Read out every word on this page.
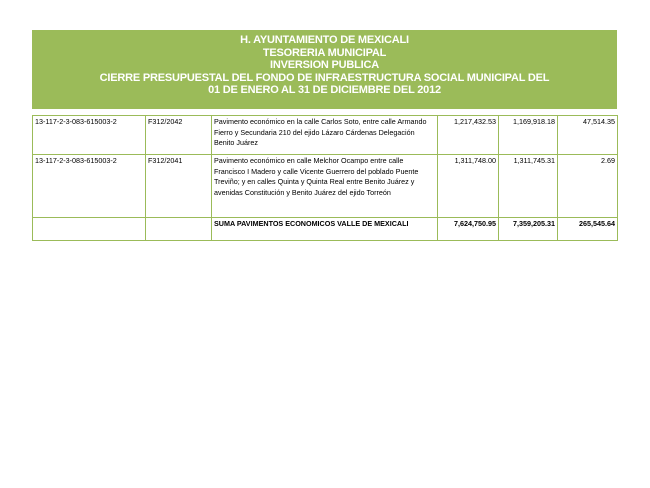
H. AYUNTAMIENTO DE MEXICALI
TESORERIA MUNICIPAL
INVERSION PUBLICA
CIERRE PRESUPUESTAL DEL FONDO DE INFRAESTRUCTURA SOCIAL MUNICIPAL DEL
01 DE ENERO AL 31 DE DICIEMBRE DEL 2012
13-117-2-3-083-615003-2	F312/2042	Pavimento económico en la calle Carlos Soto, entre calle Armando Fierro y Secundaria 210 del ejido Lázaro Cárdenas Delegación Benito Juárez	1,217,432.53	1,169,918.18	47,514.35
13-117-2-3-083-615003-2	F312/2041	Pavimento económico en calle Melchor Ocampo entre calle Francisco I Madero y calle Vicente Guerrero del poblado Puente Treviño; y en calles Quinta y Quinta Real entre Benito Juárez y avenidas Constitución y Benito Juárez del ejido Torreón	1,311,748.00	1,311,745.31	2.69
		SUMA PAVIMENTOS ECONOMICOS VALLE DE MEXICALI	7,624,750.95	7,359,205.31	265,545.64
